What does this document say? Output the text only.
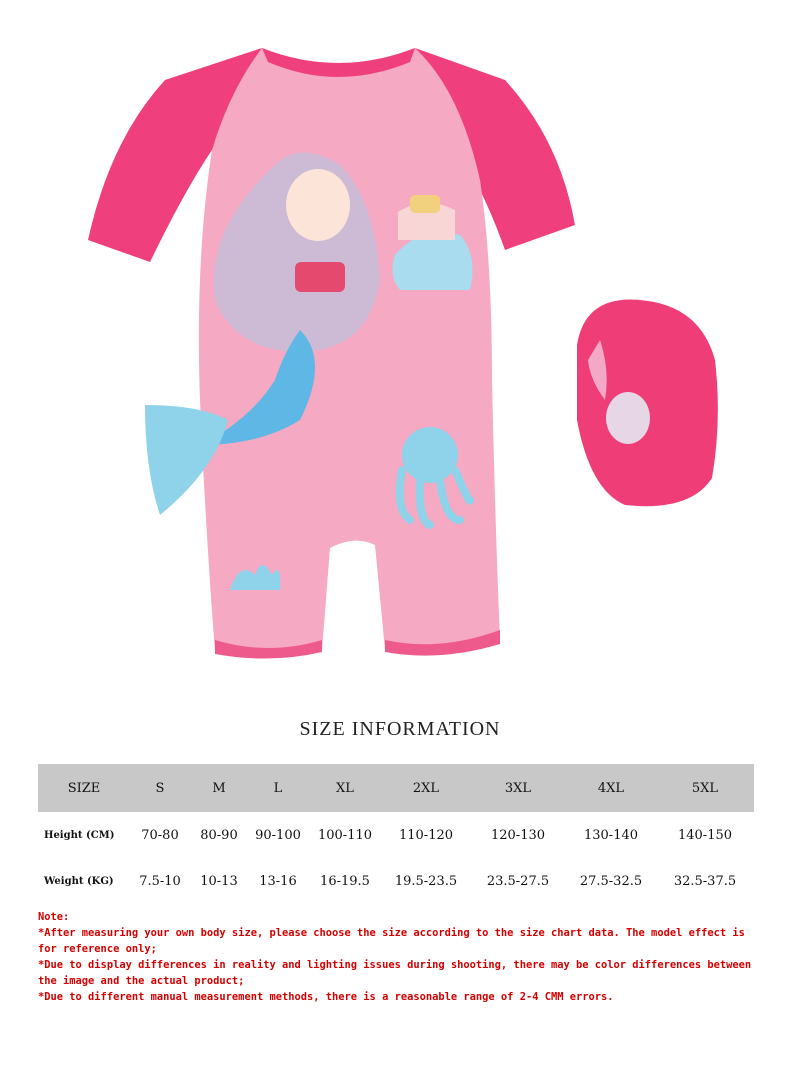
SIZE INFORMATION
SIZE	S	M	L	XL	2XL	3XL	4XL	5XL
Height (CM)	70-80	80-90	90-100	100-110	110-120	120-130	130-140	140-150
Weight (KG)	7.5-10	10-13	13-16	16-19.5	19.5-23.5	23.5-27.5	27.5-32.5	32.5-37.5
Note:
*After measuring your own body size, please choose the size according to the size chart data. The model effect is for reference only;
*Due to display differences in reality and lighting issues during shooting, there may be color differences between the image and the actual product;
*Due to different manual measurement methods, there is a reasonable range of 2-4 CMM errors.
